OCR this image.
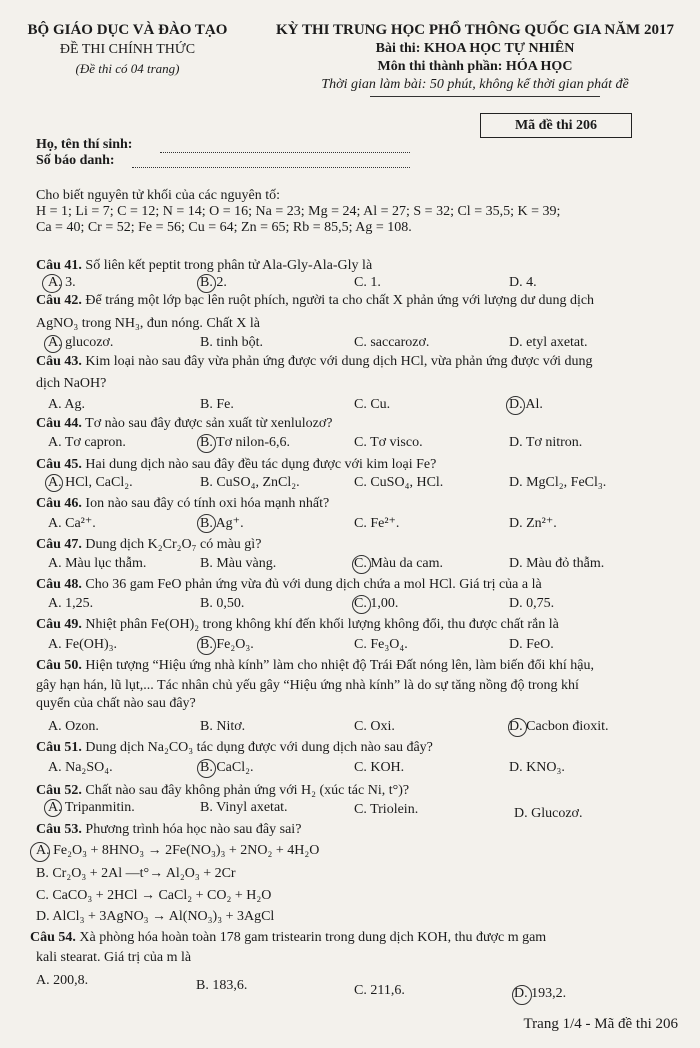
BỘ GIÁO DỤC VÀ ĐÀO TẠO
ĐỀ THI CHÍNH THỨC
(Đề thi có 04 trang)
KỲ THI TRUNG HỌC PHỔ THÔNG QUỐC GIA NĂM 2017
Bài thi: KHOA HỌC TỰ NHIÊN
Môn thi thành phần: HÓA HỌC
Thời gian làm bài: 50 phút, không kể thời gian phát đề
Mã đề thi 206
Họ, tên thí sinh:
Số báo danh:
Cho biết nguyên tử khối của các nguyên tố:
H = 1; Li = 7; C = 12; N = 14; O = 16; Na = 23; Mg = 24; Al = 27; S = 32; Cl = 35,5; K = 39;
Ca = 40; Cr = 52; Fe = 56; Cu = 64; Zn = 65; Rb = 85,5; Ag = 108.
Câu 41. Số liên kết peptit trong phân tử Ala-Gly-Ala-Gly là
A. 3.	B. 2.	C. 1.	D. 4.
Câu 42. Để tráng một lớp bạc lên ruột phích, người ta cho chất X phản ứng với lượng dư dung dịch
AgNO₃ trong NH₃, đun nóng. Chất X là
A. glucozơ.	B. tinh bột.	C. saccarozơ.	D. etyl axetat.
Câu 43. Kim loại nào sau đây vừa phản ứng được với dung dịch HCl, vừa phản ứng được với dung
dịch NaOH?
A. Ag.	B. Fe.	C. Cu.	D. Al.
Câu 44. Tơ nào sau đây được sản xuất từ xenlulozơ?
A. Tơ capron.	B. Tơ nilon-6,6.	C. Tơ visco.	D. Tơ nitron.
Câu 45. Hai dung dịch nào sau đây đều tác dụng được với kim loại Fe?
A. HCl, CaCl₂.	B. CuSO₄, ZnCl₂.	C. CuSO₄, HCl.	D. MgCl₂, FeCl₃.
Câu 46. Ion nào sau đây có tính oxi hóa mạnh nhất?
A. Ca²⁺.	B. Ag⁺.	C. Fe²⁺.	D. Zn²⁺.
Câu 47. Dung dịch K₂Cr₂O₇ có màu gì?
A. Màu lục thẫm.	B. Màu vàng.	C. Màu da cam.	D. Màu đỏ thẫm.
Câu 48. Cho 36 gam FeO phản ứng vừa đủ với dung dịch chứa a mol HCl. Giá trị của a là
A. 1,25.	B. 0,50.	C. 1,00.	D. 0,75.
Câu 49. Nhiệt phân Fe(OH)₂ trong không khí đến khối lượng không đổi, thu được chất rắn là
A. Fe(OH)₃.	B. Fe₂O₃.	C. Fe₃O₄.	D. FeO.
Câu 50. Hiện tượng “Hiệu ứng nhà kính” làm cho nhiệt độ Trái Đất nóng lên, làm biến đổi khí hậu,
gây hạn hán, lũ lụt,... Tác nhân chủ yếu gây “Hiệu ứng nhà kính” là do sự tăng nồng độ trong khí
quyển của chất nào sau đây?
A. Ozon.	B. Nitơ.	C. Oxi.	D. Cacbon đioxit.
Câu 51. Dung dịch Na₂CO₃ tác dụng được với dung dịch nào sau đây?
A. Na₂SO₄.	B. CaCl₂.	C. KOH.	D. KNO₃.
Câu 52. Chất nào sau đây không phản ứng với H₂ (xúc tác Ni, t°)?
A. Tripanmitin.	B. Vinyl axetat.	C. Triolein.	D. Glucozơ.
Câu 53. Phương trình hóa học nào sau đây sai?
A. Fe₂O₃ + 8HNO₃ → 2Fe(NO₃)₃ + 2NO₂ + 4H₂O
B. Cr₂O₃ + 2Al —t°→ Al₂O₃ + 2Cr
C. CaCO₃ + 2HCl → CaCl₂ + CO₂ + H₂O
D. AlCl₃ + 3AgNO₃ → Al(NO₃)₃ + 3AgCl
Câu 54. Xà phòng hóa hoàn toàn 178 gam tristearin trong dung dịch KOH, thu được m gam
kali stearat. Giá trị của m là
A. 200,8.	B. 183,6.	C. 211,6.	D. 193,2.
Trang 1/4 - Mã đề thi 206
